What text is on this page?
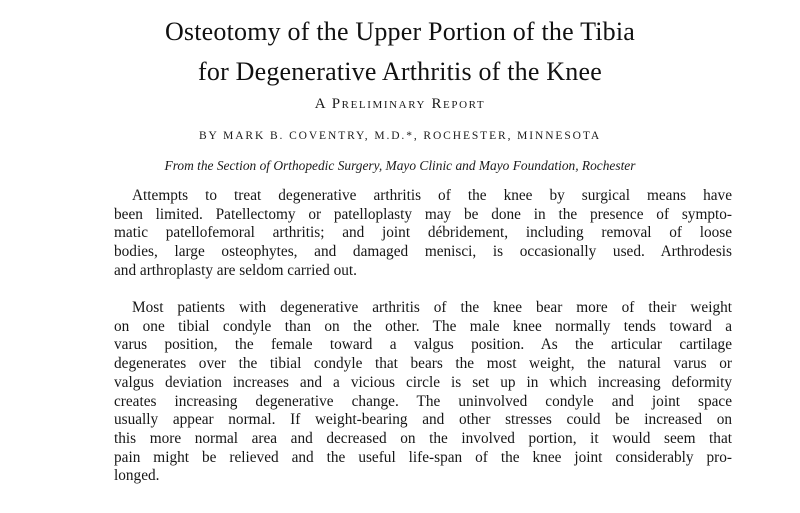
Osteotomy of the Upper Portion of the Tibia
for Degenerative Arthritis of the Knee
A Preliminary Report
BY MARK B. COVENTRY, M.D.*, ROCHESTER, MINNESOTA
From the Section of Orthopedic Surgery, Mayo Clinic and Mayo Foundation, Rochester
Attempts to treat degenerative arthritis of the knee by surgical means have
been limited. Patellectomy or patelloplasty may be done in the presence of sympto-
matic patellofemoral arthritis; and joint débridement, including removal of loose
bodies, large osteophytes, and damaged menisci, is occasionally used. Arthrodesis
and arthroplasty are seldom carried out.
Most patients with degenerative arthritis of the knee bear more of their weight
on one tibial condyle than on the other. The male knee normally tends toward a
varus position, the female toward a valgus position. As the articular cartilage
degenerates over the tibial condyle that bears the most weight, the natural varus or
valgus deviation increases and a vicious circle is set up in which increasing deformity
creates increasing degenerative change. The uninvolved condyle and joint space
usually appear normal. If weight-bearing and other stresses could be increased on
this more normal area and decreased on the involved portion, it would seem that
pain might be relieved and the useful life-span of the knee joint considerably pro-
longed.
